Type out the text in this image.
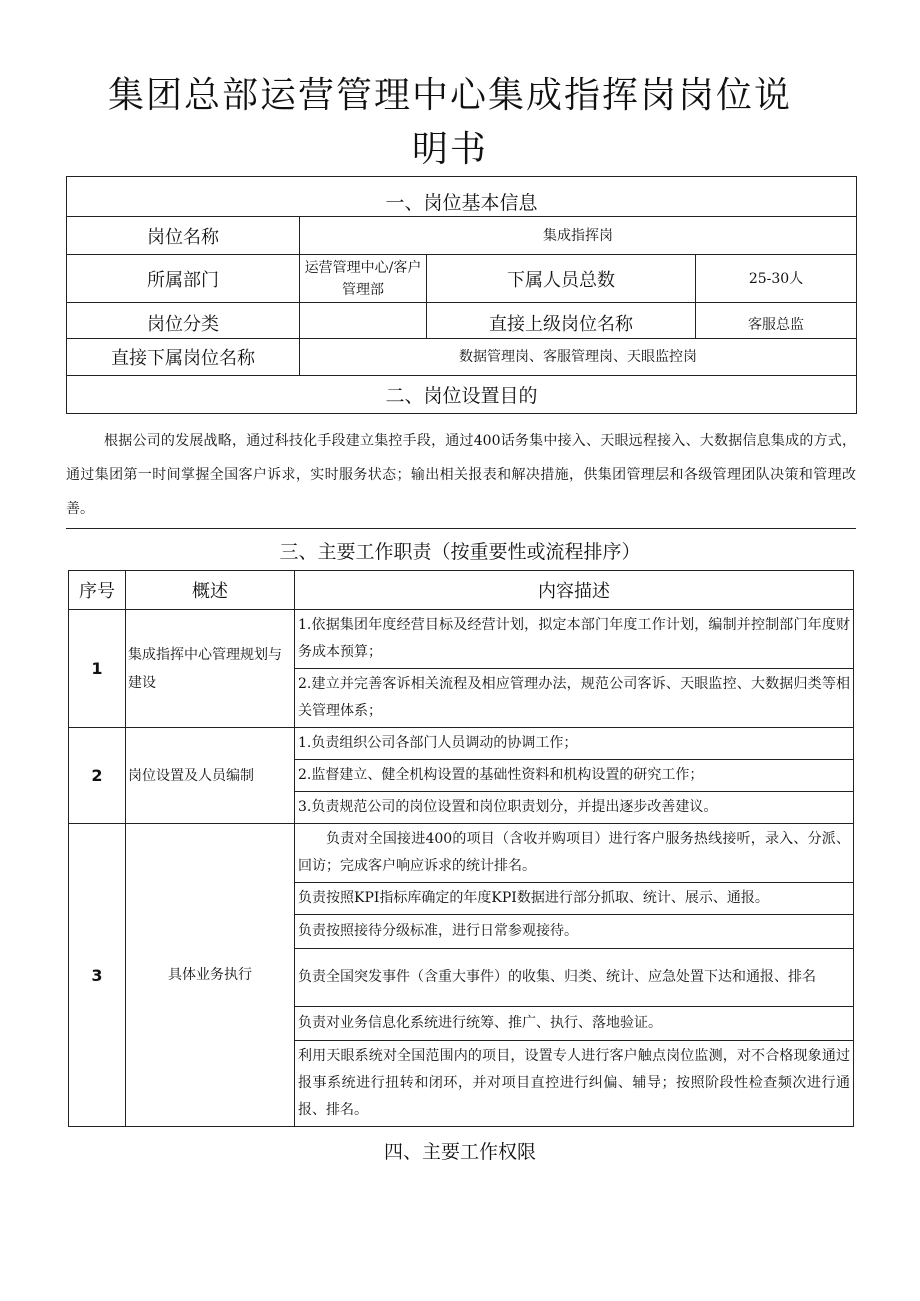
集团总部运营管理中心集成指挥岗岗位说
明书
一、岗位基本信息			
岗位名称	集成指挥岗		
所属部门	运营管理中心/客户管理部	下属人员总数	25-30人
岗位分类		直接上级岗位名称	客服总监
直接下属岗位名称	数据管理岗、客服管理岗、天眼监控岗		
二、岗位设置目的			

根据公司的发展战略，通过科技化手段建立集控手段，通过400话务集中接入、天眼远程接入、大数据信息集成的方式，通过集团第一时间掌握全国客户诉求，实时服务状态；输出相关报表和解决措施，供集团管理层和各级管理团队决策和管理改善。

三、主要工作职责（按重要性或流程排序）
序号	概述	内容描述
1	集成指挥中心管理规划与建设	1.依据集团年度经营目标及经营计划，拟定本部门年度工作计划，编制并控制部门年度财务成本预算；
		2.建立并完善客诉相关流程及相应管理办法，规范公司客诉、天眼监控、大数据归类等相关管理体系；
2	岗位设置及人员编制	1.负责组织公司各部门人员调动的协调工作；
		2.监督建立、健全机构设置的基础性资料和机构设置的研究工作；
		3.负责规范公司的岗位设置和岗位职责划分，并提出逐步改善建议。
3	具体业务执行	负责对全国接进400的项目（含收并购项目）进行客户服务热线接听，录入、分派、回访；完成客户响应诉求的统计排名。
		负责按照KPI指标库确定的年度KPI数据进行部分抓取、统计、展示、通报。
		负责按照接待分级标准，进行日常参观接待。
		负责全国突发事件（含重大事件）的收集、归类、统计、应急处置下达和通报、排名
		负责对业务信息化系统进行统筹、推广、执行、落地验证。
		利用天眼系统对全国范围内的项目，设置专人进行客户触点岗位监测，对不合格现象通过报事系统进行扭转和闭环，并对项目直控进行纠偏、辅导；按照阶段性检查频次进行通报、排名。
四、主要工作权限
